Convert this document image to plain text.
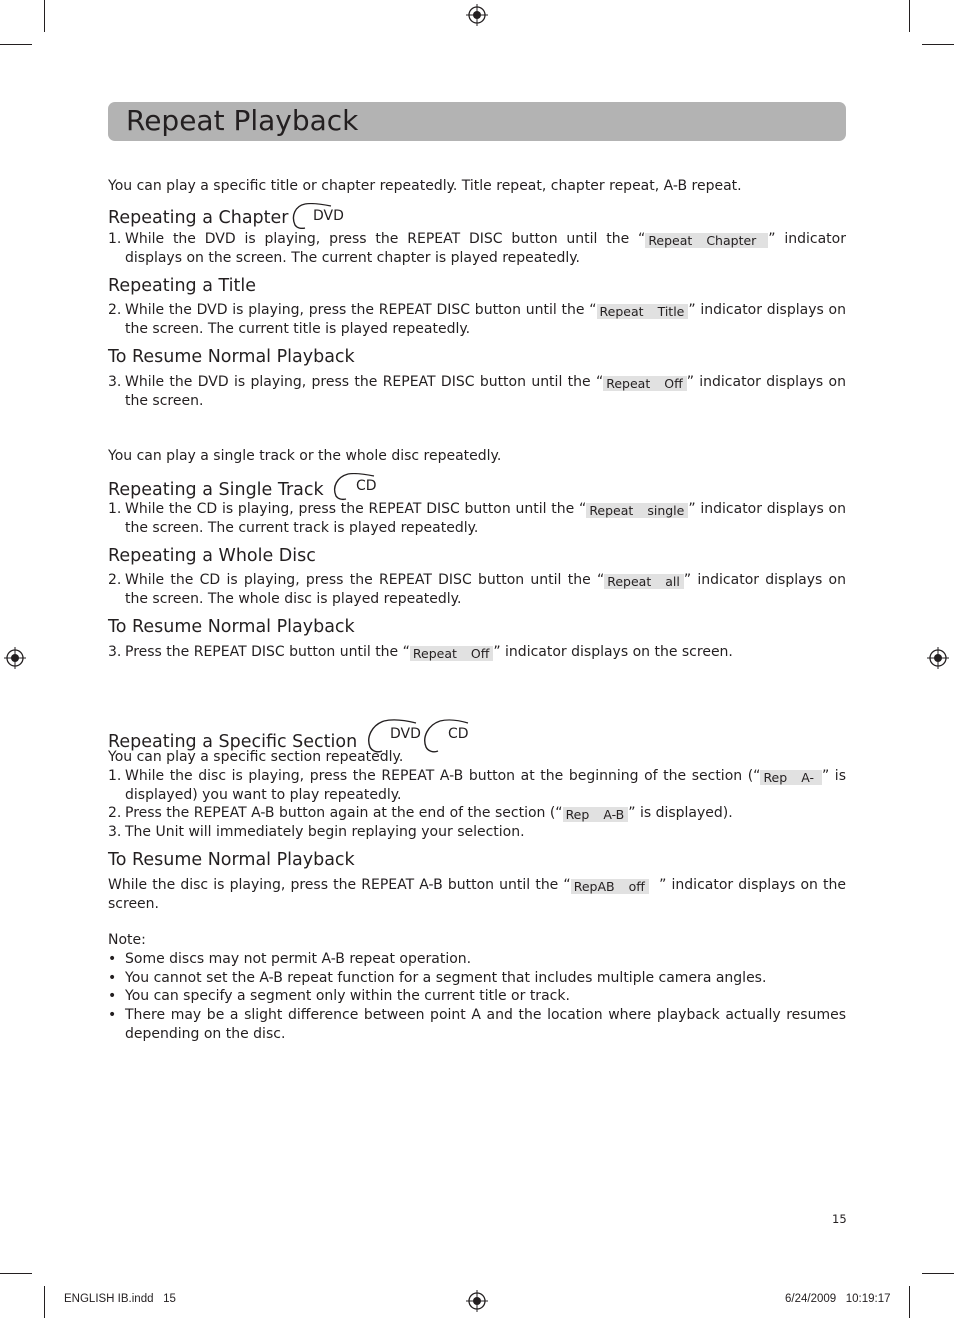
Repeat Playback
You can play a specific title or chapter repeatedly. Title repeat, chapter repeat, A-B repeat.
Repeating a Chapter DVD
1. While the DVD is playing, press the REPEAT DISC button until the “ Repeat Chapter ” indicator displays on the screen. The current chapter is played repeatedly.
Repeating a Title
2. While the DVD is playing, press the REPEAT DISC button until the “ Repeat Title ” indicator displays on the screen. The current title is played repeatedly.
To Resume Normal Playback
3. While the DVD is playing, press the REPEAT DISC button until the “ Repeat Off ” indicator displays on the screen.
You can play a single track or the whole disc repeatedly.
Repeating a Single Track CD
1. While the CD is playing, press the REPEAT DISC button until the “ Repeat single ” indicator displays on the screen. The current track is played repeatedly.
Repeating a Whole Disc
2. While the CD is playing, press the REPEAT DISC button until the “ Repeat all ” indicator displays on the screen. The whole disc is played repeatedly.
To Resume Normal Playback
3. Press the REPEAT DISC button until the “ Repeat Off ” indicator displays on the screen.
Repeating a Specific Section DVD CD
You can play a specific section repeatedly.
1. While the disc is playing, press the REPEAT A-B button at the beginning of the section (“ Rep A- ” is displayed) you want to play repeatedly.
2. Press the REPEAT A-B button again at the end of the section (“ Rep A-B ” is displayed).
3. The Unit will immediately begin replaying your selection.
To Resume Normal Playback
While the disc is playing, press the REPEAT A-B button until the “ RepAB off ” indicator displays on the screen.
Note:
• Some discs may not permit A-B repeat operation.
• You cannot set the A-B repeat function for a segment that includes multiple camera angles.
• You can specify a segment only within the current title or track.
• There may be a slight difference between point A and the location where playback actually resumes depending on the disc.
15
ENGLISH IB.indd   15	6/24/2009   10:19:17
